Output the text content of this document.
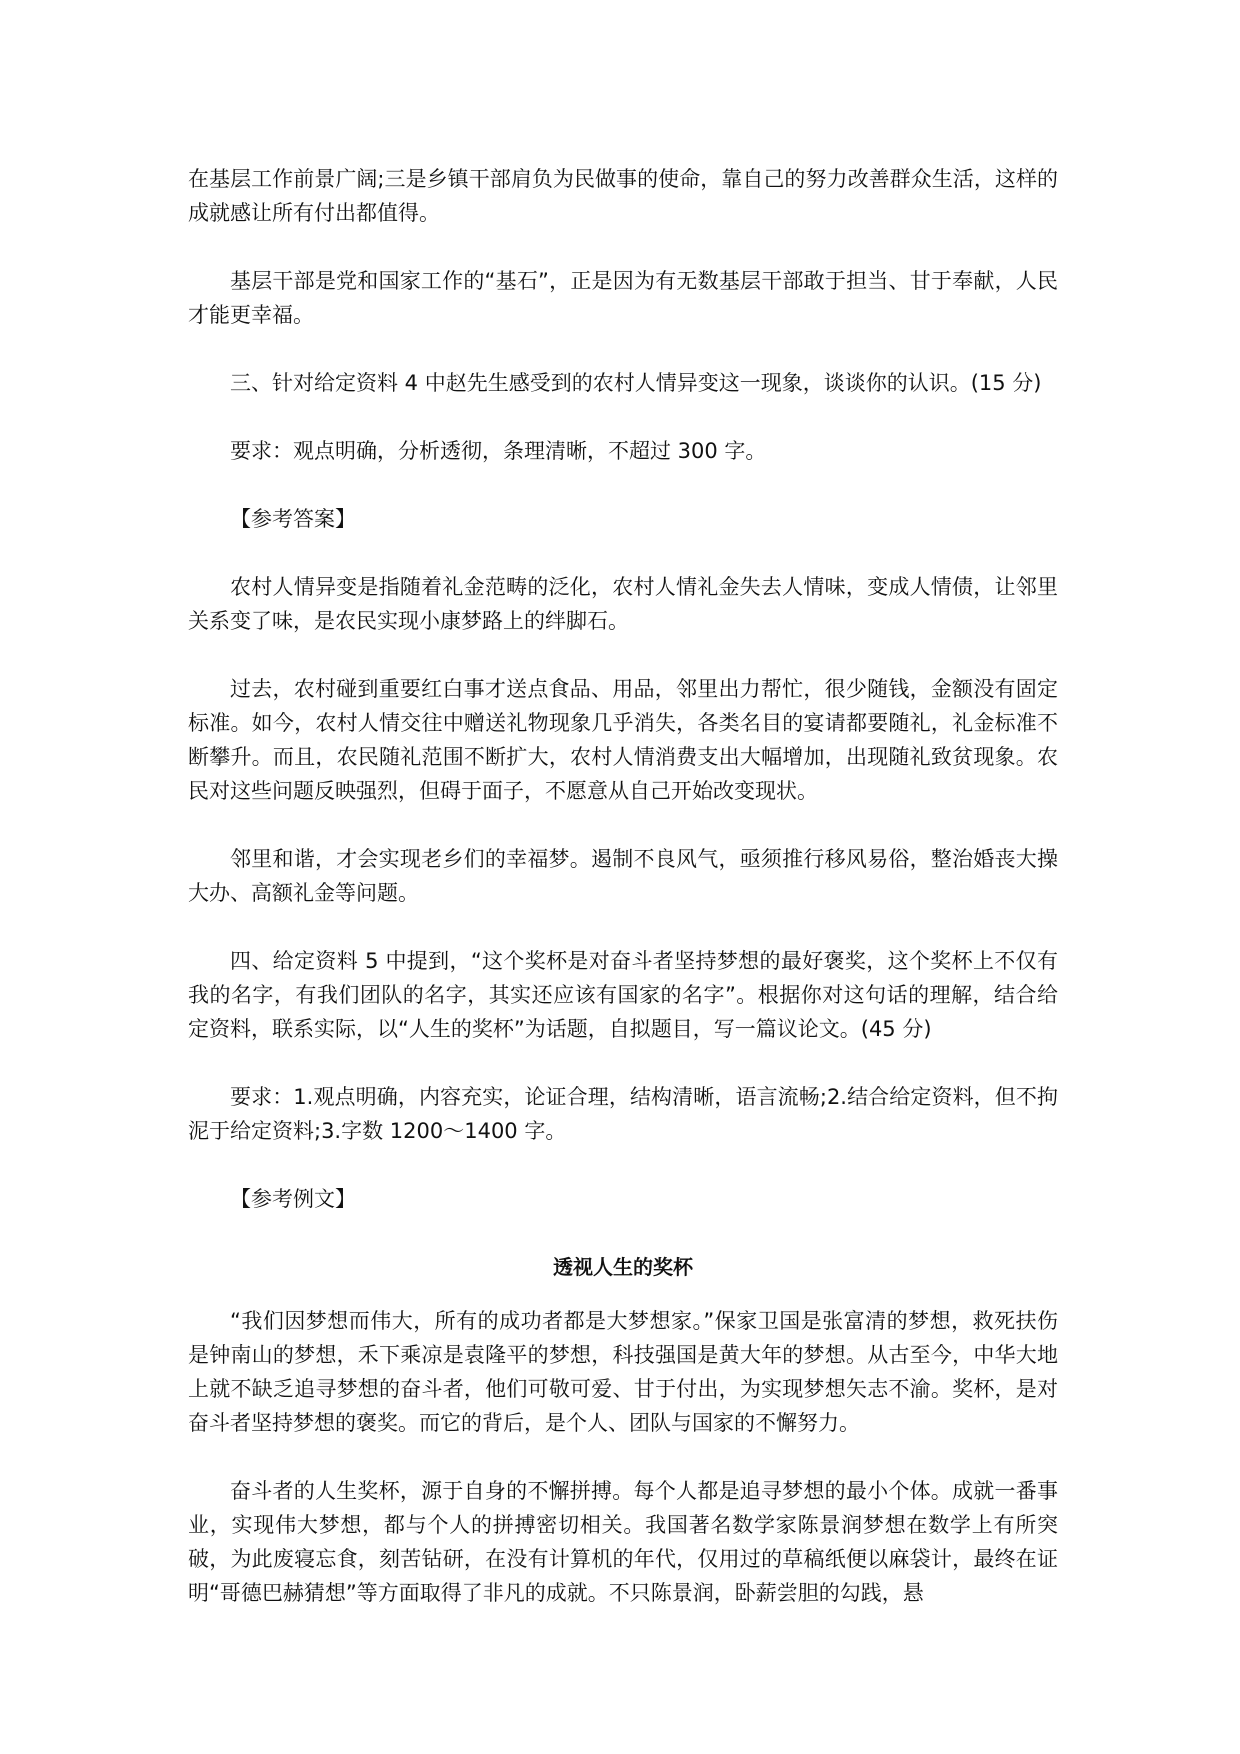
在基层工作前景广阔;三是乡镇干部肩负为民做事的使命，靠自己的努力改善群众生活，这样的成就感让所有付出都值得。

基层干部是党和国家工作的“基石”，正是因为有无数基层干部敢于担当、甘于奉献，人民才能更幸福。

三、针对给定资料 4 中赵先生感受到的农村人情异变这一现象，谈谈你的认识。(15 分)

要求：观点明确，分析透彻，条理清晰，不超过 300 字。

【参考答案】

农村人情异变是指随着礼金范畴的泛化，农村人情礼金失去人情味，变成人情债，让邻里关系变了味，是农民实现小康梦路上的绊脚石。

过去，农村碰到重要红白事才送点食品、用品，邻里出力帮忙，很少随钱，金额没有固定标准。如今，农村人情交往中赠送礼物现象几乎消失，各类名目的宴请都要随礼，礼金标准不断攀升。而且，农民随礼范围不断扩大，农村人情消费支出大幅增加，出现随礼致贫现象。农民对这些问题反映强烈，但碍于面子，不愿意从自己开始改变现状。

邻里和谐，才会实现老乡们的幸福梦。遏制不良风气，亟须推行移风易俗，整治婚丧大操大办、高额礼金等问题。

四、给定资料 5 中提到，“这个奖杯是对奋斗者坚持梦想的最好褒奖，这个奖杯上不仅有我的名字，有我们团队的名字，其实还应该有国家的名字”。根据你对这句话的理解，结合给定资料，联系实际，以“人生的奖杯”为话题，自拟题目，写一篇议论文。(45 分)

要求：1.观点明确，内容充实，论证合理，结构清晰，语言流畅;2.结合给定资料，但不拘泥于给定资料;3.字数 1200～1400 字。

【参考例文】

透视人生的奖杯

“我们因梦想而伟大，所有的成功者都是大梦想家。”保家卫国是张富清的梦想，救死扶伤是钟南山的梦想，禾下乘凉是袁隆平的梦想，科技强国是黄大年的梦想。从古至今，中华大地上就不缺乏追寻梦想的奋斗者，他们可敬可爱、甘于付出，为实现梦想矢志不渝。奖杯，是对奋斗者坚持梦想的褒奖。而它的背后，是个人、团队与国家的不懈努力。

奋斗者的人生奖杯，源于自身的不懈拼搏。每个人都是追寻梦想的最小个体。成就一番事业，实现伟大梦想，都与个人的拼搏密切相关。我国著名数学家陈景润梦想在数学上有所突破，为此废寝忘食，刻苦钻研，在没有计算机的年代，仅用过的草稿纸便以麻袋计，最终在证明“哥德巴赫猜想”等方面取得了非凡的成就。不只陈景润，卧薪尝胆的勾践，悬
